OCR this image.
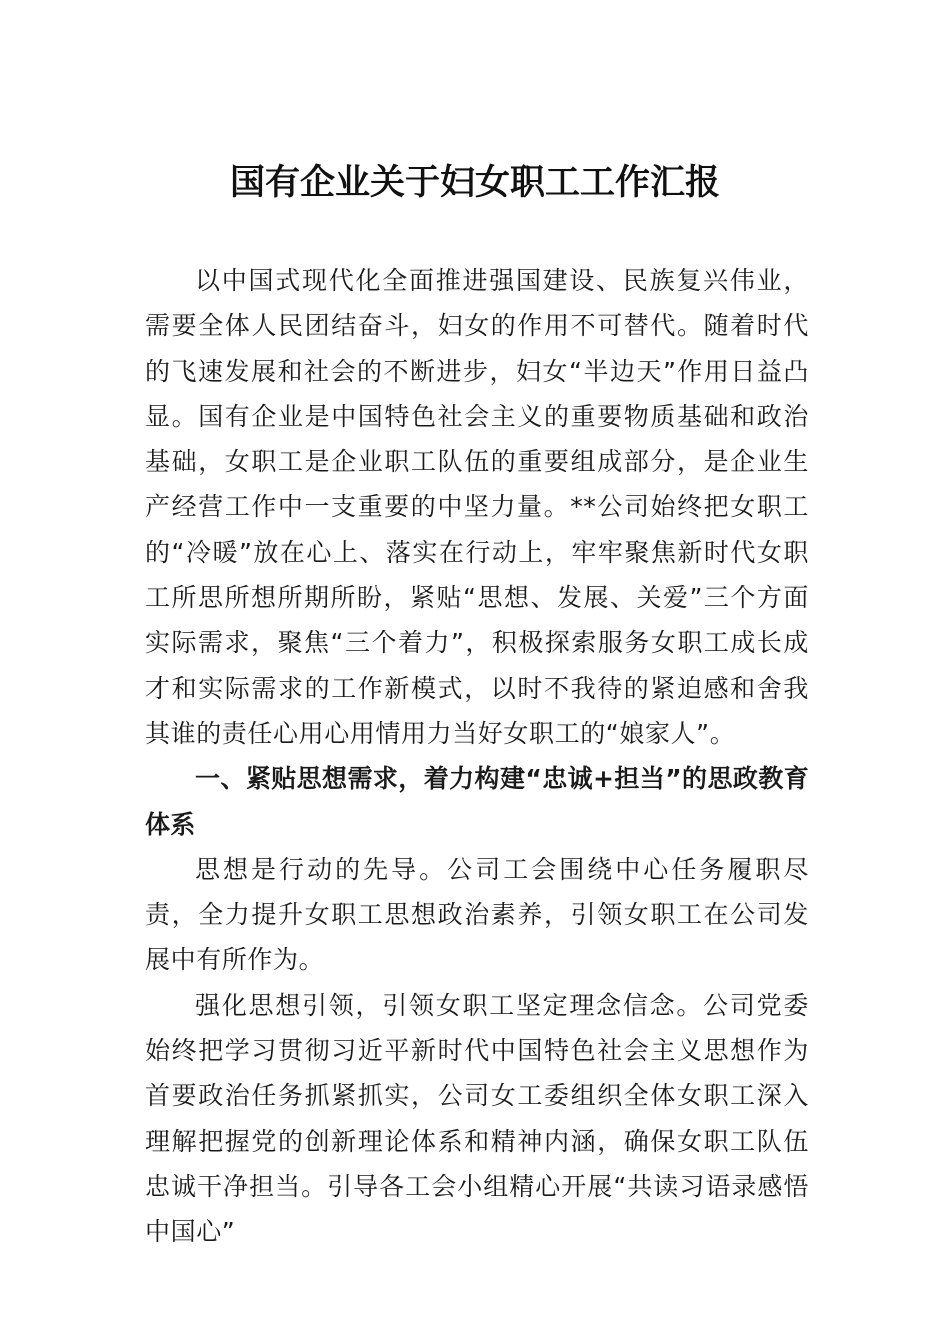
国有企业关于妇女职工工作汇报

以中国式现代化全面推进强国建设、民族复兴伟业，需要全体人民团结奋斗，妇女的作用不可替代。随着时代的飞速发展和社会的不断进步，妇女“半边天”作用日益凸显。国有企业是中国特色社会主义的重要物质基础和政治基础，女职工是企业职工队伍的重要组成部分，是企业生产经营工作中一支重要的中坚力量。**公司始终把女职工的“冷暖”放在心上、落实在行动上，牢牢聚焦新时代女职工所思所想所期所盼，紧贴“思想、发展、关爱”三个方面实际需求，聚焦“三个着力”，积极探索服务女职工成长成才和实际需求的工作新模式，以时不我待的紧迫感和舍我其谁的责任心用心用情用力当好女职工的“娘家人”。

一、紧贴思想需求，着力构建“忠诚+担当”的思政教育体系

思想是行动的先导。公司工会围绕中心任务履职尽责，全力提升女职工思想政治素养，引领女职工在公司发展中有所作为。

强化思想引领，引领女职工坚定理念信念。公司党委始终把学习贯彻习近平新时代中国特色社会主义思想作为首要政治任务抓紧抓实，公司女工委组织全体女职工深入理解把握党的创新理论体系和精神内涵，确保女职工队伍忠诚干净担当。引导各工会小组精心开展“共读习语录感悟中国心”
